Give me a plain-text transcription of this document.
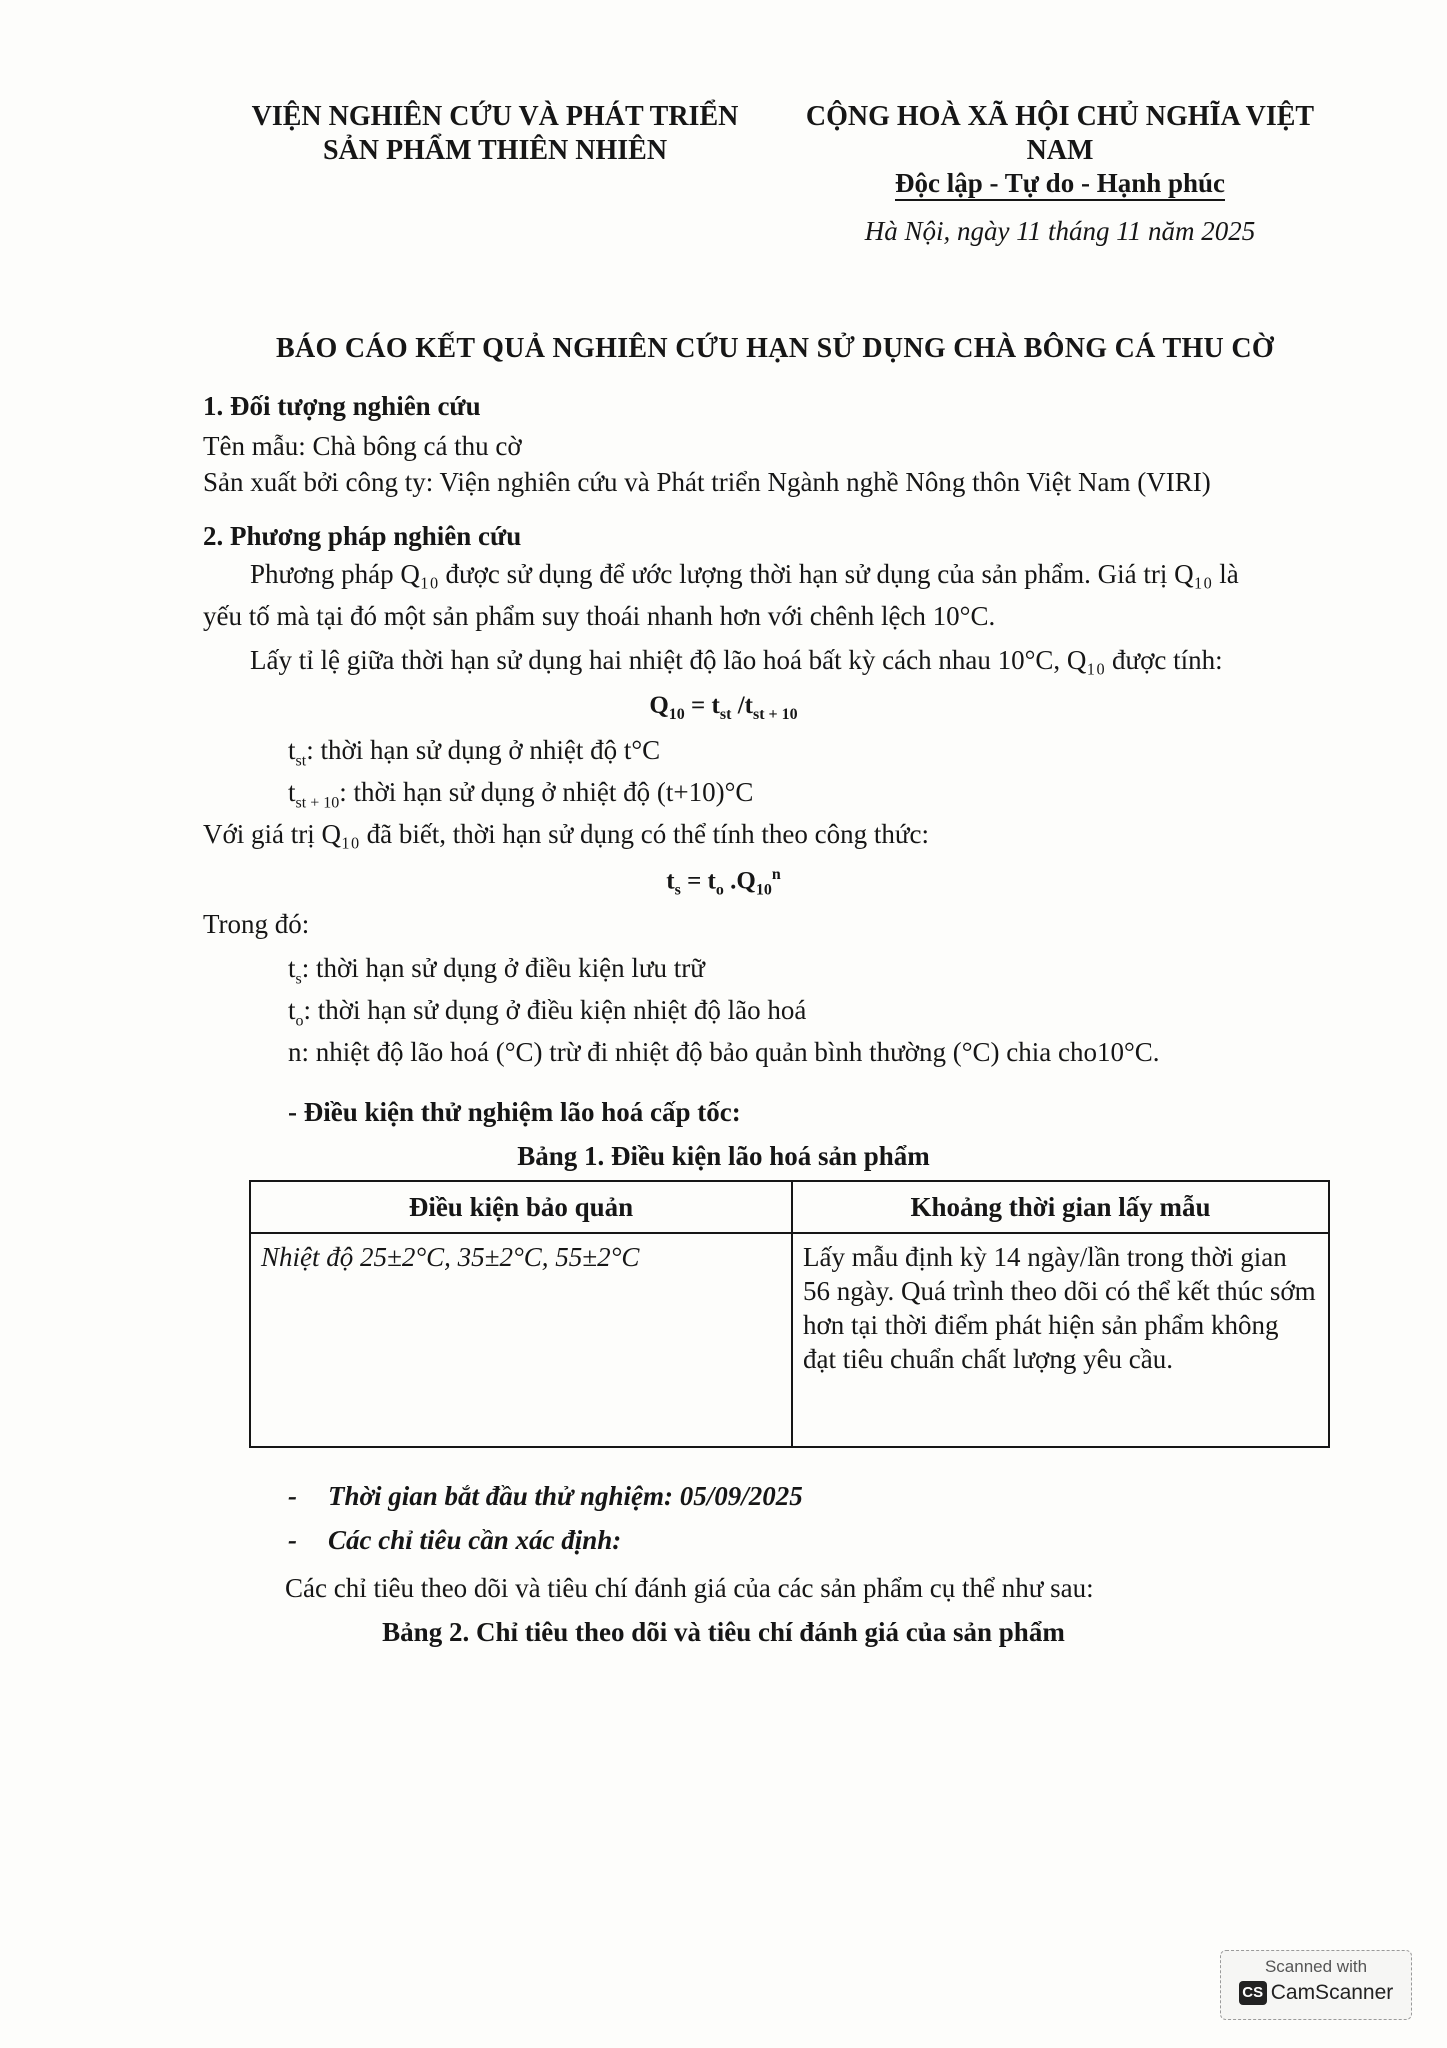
VIỆN NGHIÊN CỨU VÀ PHÁT TRIỂN
SẢN PHẨM THIÊN NHIÊN
CỘNG HOÀ XÃ HỘI CHỦ NGHĨA VIỆT
NAM
Độc lập - Tự do - Hạnh phúc
Hà Nội, ngày 11 tháng 11 năm 2025
BÁO CÁO KẾT QUẢ NGHIÊN CỨU HẠN SỬ DỤNG CHÀ BÔNG CÁ THU CỜ
1. Đối tượng nghiên cứu
Tên mẫu: Chà bông cá thu cờ
Sản xuất bởi công ty: Viện nghiên cứu và Phát triển Ngành nghề Nông thôn Việt Nam (VIRI)
2. Phương pháp nghiên cứu
Phương pháp Q₁₀ được sử dụng để ước lượng thời hạn sử dụng của sản phẩm. Giá trị Q₁₀ là
yếu tố mà tại đó một sản phẩm suy thoái nhanh hơn với chênh lệch 10°C.
Lấy tỉ lệ giữa thời hạn sử dụng hai nhiệt độ lão hoá bất kỳ cách nhau 10°C, Q₁₀ được tính:
$Q_{10} = t_{st}$ $/t_{st + 10}$
$t_{st}$: thời hạn sử dụng ở nhiệt độ t°C
$t_{st + 10}$: thời hạn sử dụng ở nhiệt độ (t+10)°C
Với giá trị Q₁₀ đã biết, thời hạn sử dụng có thể tính theo công thức:
$t_s = t_o$ $.Q_{10}^n$
Trong đó:
$t_s$: thời hạn sử dụng ở điều kiện lưu trữ
$t_o$: thời hạn sử dụng ở điều kiện nhiệt độ lão hoá
n: nhiệt độ lão hoá (°C) trừ đi nhiệt độ bảo quản bình thường (°C) chia cho10°C.
- Điều kiện thử nghiệm lão hoá cấp tốc:
Bảng 1. Điều kiện lão hoá sản phẩm
Điều kiện bảo quản	Khoảng thời gian lấy mẫu
Nhiệt độ 25±2°C, 35±2°C, 55±2°C	Lấy mẫu định kỳ 14 ngày/lần trong thời gian 56 ngày. Quá trình theo dõi có thể kết thúc sớm hơn tại thời điểm phát hiện sản phẩm không đạt tiêu chuẩn chất lượng yêu cầu.
- Thời gian bắt đầu thử nghiệm: 05/09/2025
- Các chỉ tiêu cần xác định:
Các chỉ tiêu theo dõi và tiêu chí đánh giá của các sản phẩm cụ thể như sau:
Bảng 2. Chỉ tiêu theo dõi và tiêu chí đánh giá của sản phẩm
Scanned with
CS CamScanner
